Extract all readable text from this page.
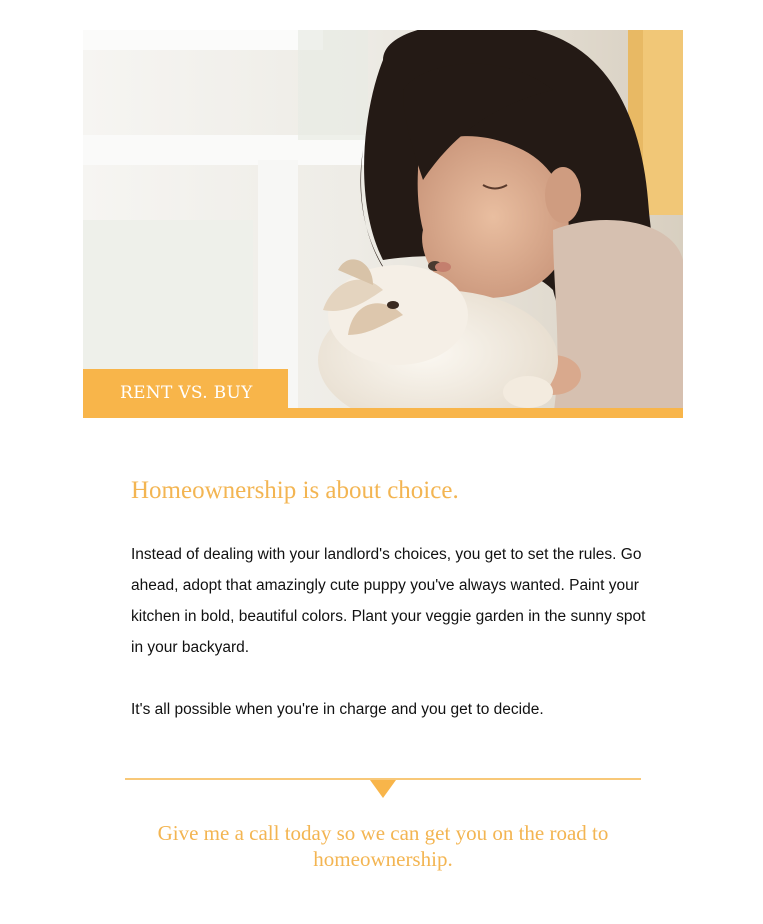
RENT VS. BUY
Homeownership is about choice.

Instead of dealing with your landlord's choices, you get to set the rules. Go ahead, adopt that amazingly cute puppy you've always wanted. Paint your kitchen in bold, beautiful colors. Plant your veggie garden in the sunny spot in your backyard.

It's all possible when you're in charge and you get to decide.

Give me a call today so we can get you on the road to homeownership.
